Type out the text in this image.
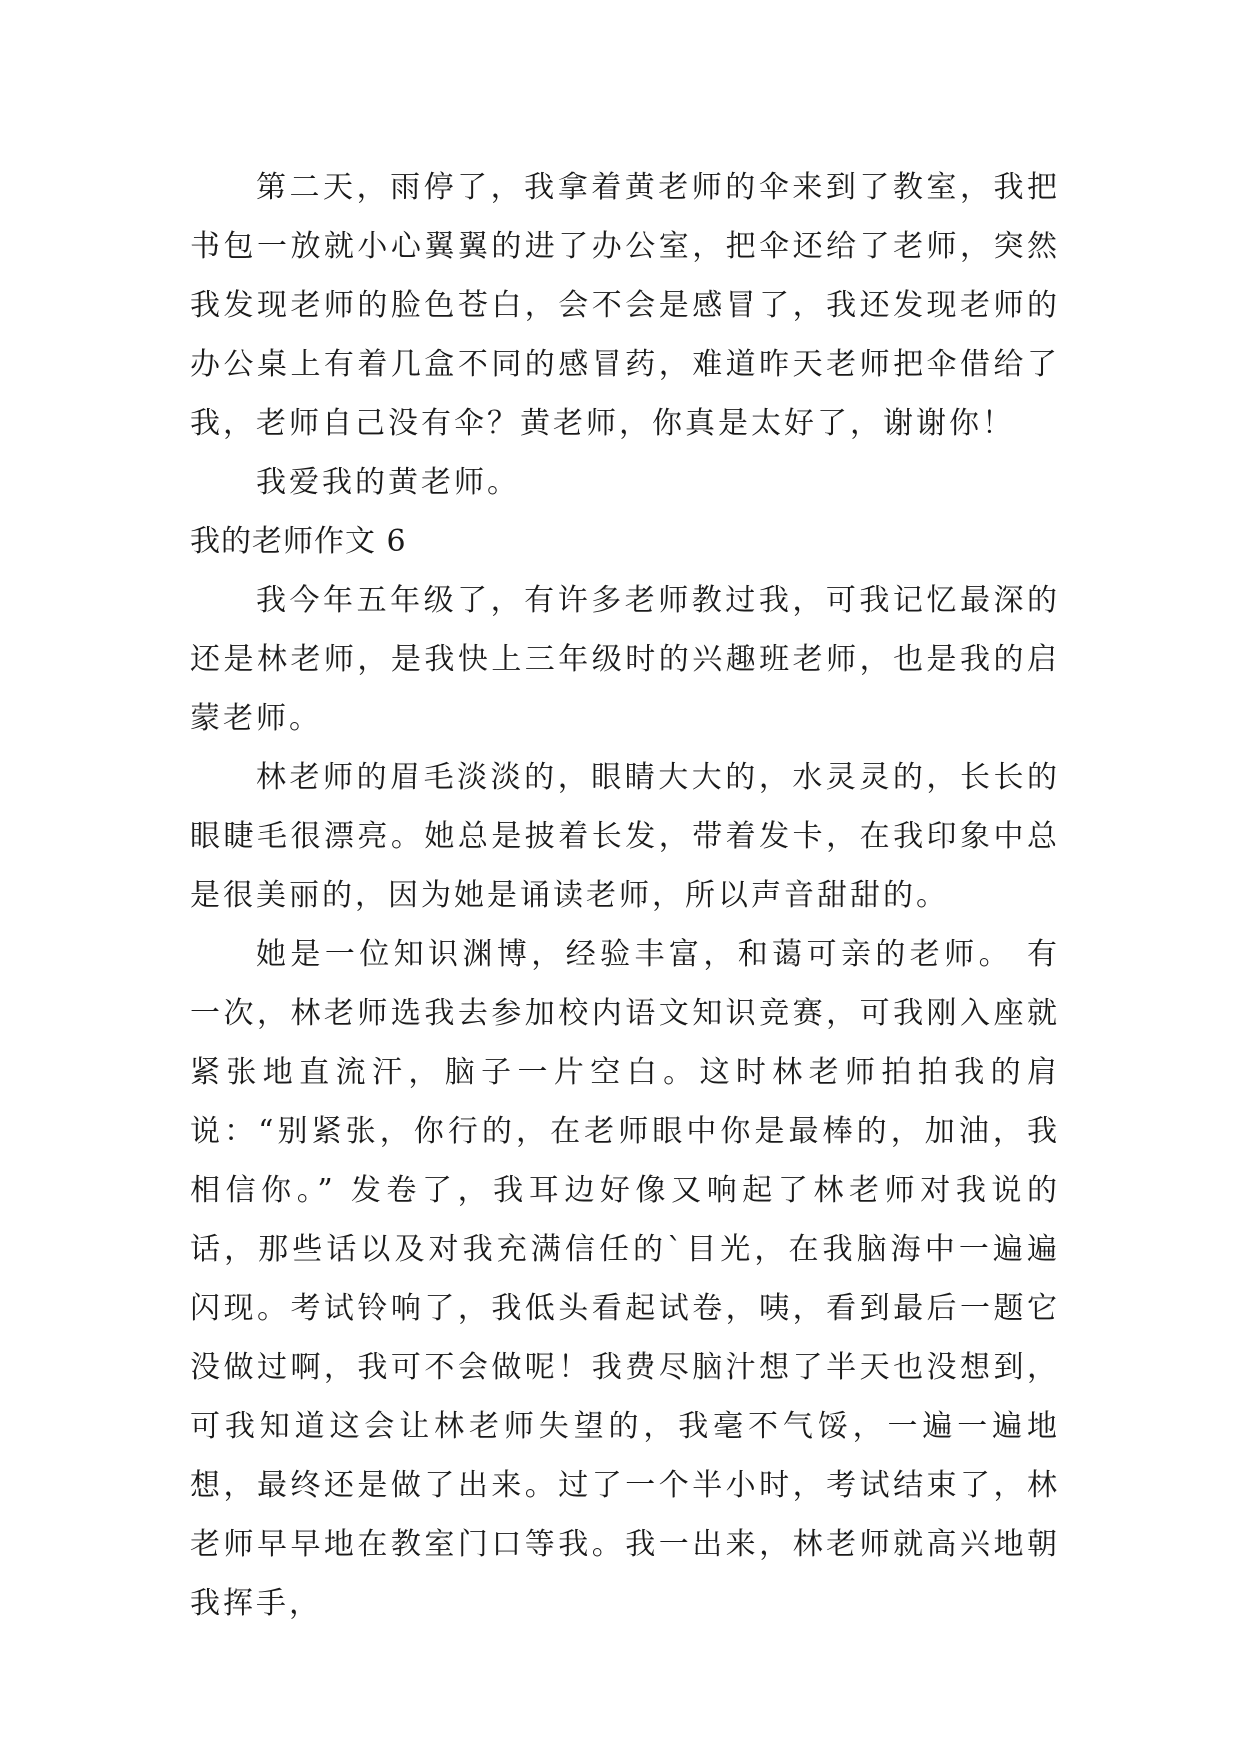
第二天，雨停了，我拿着黄老师的伞来到了教室，我把书包一放就小心翼翼的进了办公室，把伞还给了老师，突然我发现老师的脸色苍白，会不会是感冒了，我还发现老师的办公桌上有着几盒不同的感冒药，难道昨天老师把伞借给了我，老师自己没有伞？黄老师，你真是太好了，谢谢你！

我爱我的黄老师。

我的老师作文 6

我今年五年级了，有许多老师教过我，可我记忆最深的还是林老师，是我快上三年级时的兴趣班老师，也是我的启蒙老师。

林老师的眉毛淡淡的，眼睛大大的，水灵灵的，长长的眼睫毛很漂亮。她总是披着长发，带着发卡，在我印象中总是很美丽的，因为她是诵读老师，所以声音甜甜的。

她是一位知识渊博，经验丰富，和蔼可亲的老师。 有一次，林老师选我去参加校内语文知识竞赛，可我刚入座就紧张地直流汗，脑子一片空白。这时林老师拍拍我的肩说：“别紧张，你行的，在老师眼中你是最棒的，加油，我相信你。” 发卷了，我耳边好像又响起了林老师对我说的话，那些话以及对我充满信任的`目光，在我脑海中一遍遍闪现。考试铃响了，我低头看起试卷，咦，看到最后一题它没做过啊，我可不会做呢！我费尽脑汁想了半天也没想到，可我知道这会让林老师失望的，我毫不气馁，一遍一遍地想，最终还是做了出来。过了一个半小时，考试结束了，林老师早早地在教室门口等我。我一出来，林老师就高兴地朝我挥手，
